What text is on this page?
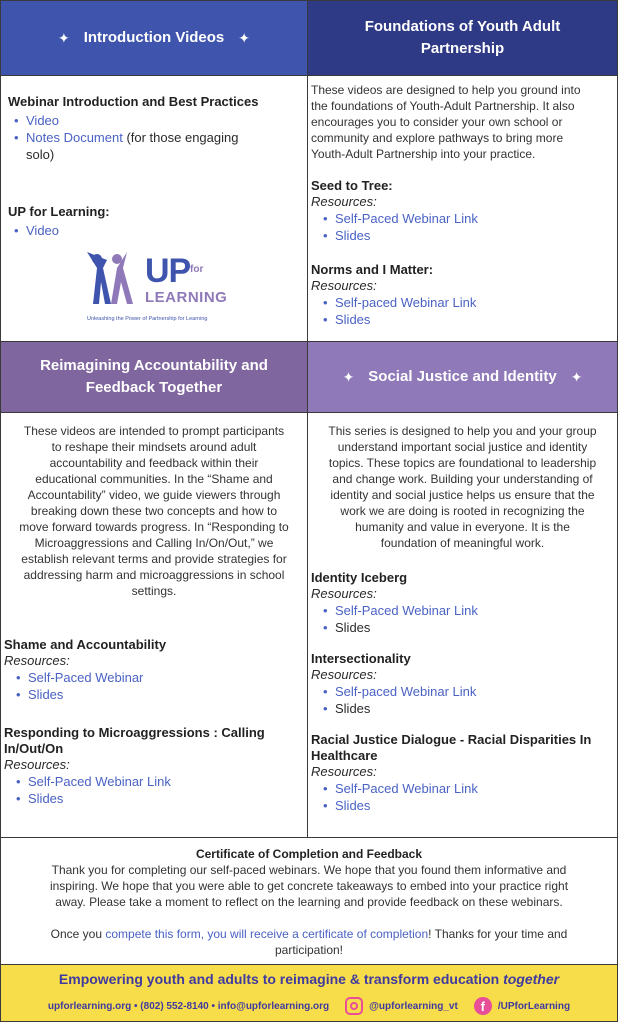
✦ Introduction Videos ✦
Foundations of Youth Adult
Partnership
Webinar Introduction and Best Practices
• Video
• Notes Document (for those engaging
solo)
UP for Learning:
• Video
UP for
LEARNING
Unleashing the Power of Partnership for Learning
These videos are designed to help you ground into
the foundations of Youth-Adult Partnership. It also
encourages you to consider your own school or
community and explore pathways to bring more
Youth-Adult Partnership into your practice.
Seed to Tree:
Resources:
• Self-Paced Webinar Link
• Slides
Norms and I Matter:
Resources:
• Self-paced Webinar Link
• Slides
Reimagining Accountability and
Feedback Together
✦ Social Justice and Identity ✦
These videos are intended to prompt participants
to reshape their mindsets around adult
accountability and feedback within their
educational communities. In the “Shame and
Accountability” video, we guide viewers through
breaking down these two concepts and how to
move forward towards progress. In “Responding to
Microaggressions and Calling In/On/Out,” we
establish relevant terms and provide strategies for
addressing harm and microaggressions in school
settings.
Shame and Accountability
Resources:
• Self-Paced Webinar
• Slides
Responding to Microaggressions : Calling
In/Out/On
Resources:
• Self-Paced Webinar Link
• Slides
This series is designed to help you and your group
understand important social justice and identity
topics. These topics are foundational to leadership
and change work. Building your understanding of
identity and social justice helps us ensure that the
work we are doing is rooted in recognizing the
humanity and value in everyone. It is the
foundation of meaningful work.
Identity Iceberg
Resources:
• Self-Paced Webinar Link
• Slides
Intersectionality
Resources:
• Self-paced Webinar Link
• Slides
Racial Justice Dialogue - Racial Disparities In
Healthcare
Resources:
• Self-Paced Webinar Link
• Slides
Certificate of Completion and Feedback
Thank you for completing our self-paced webinars. We hope that you found them informative and
inspiring. We hope that you were able to get concrete takeaways to embed into your practice right
away. Please take a moment to reflect on the learning and provide feedback on these webinars.
Once you compete this form, you will receive a certificate of completion! Thanks for your time and
participation!
Empowering youth and adults to reimagine & transform education together
upforlearning.org • (802) 552-8140 • info@upforlearning.org	@upforlearning_vt	f	/UPforLearning
